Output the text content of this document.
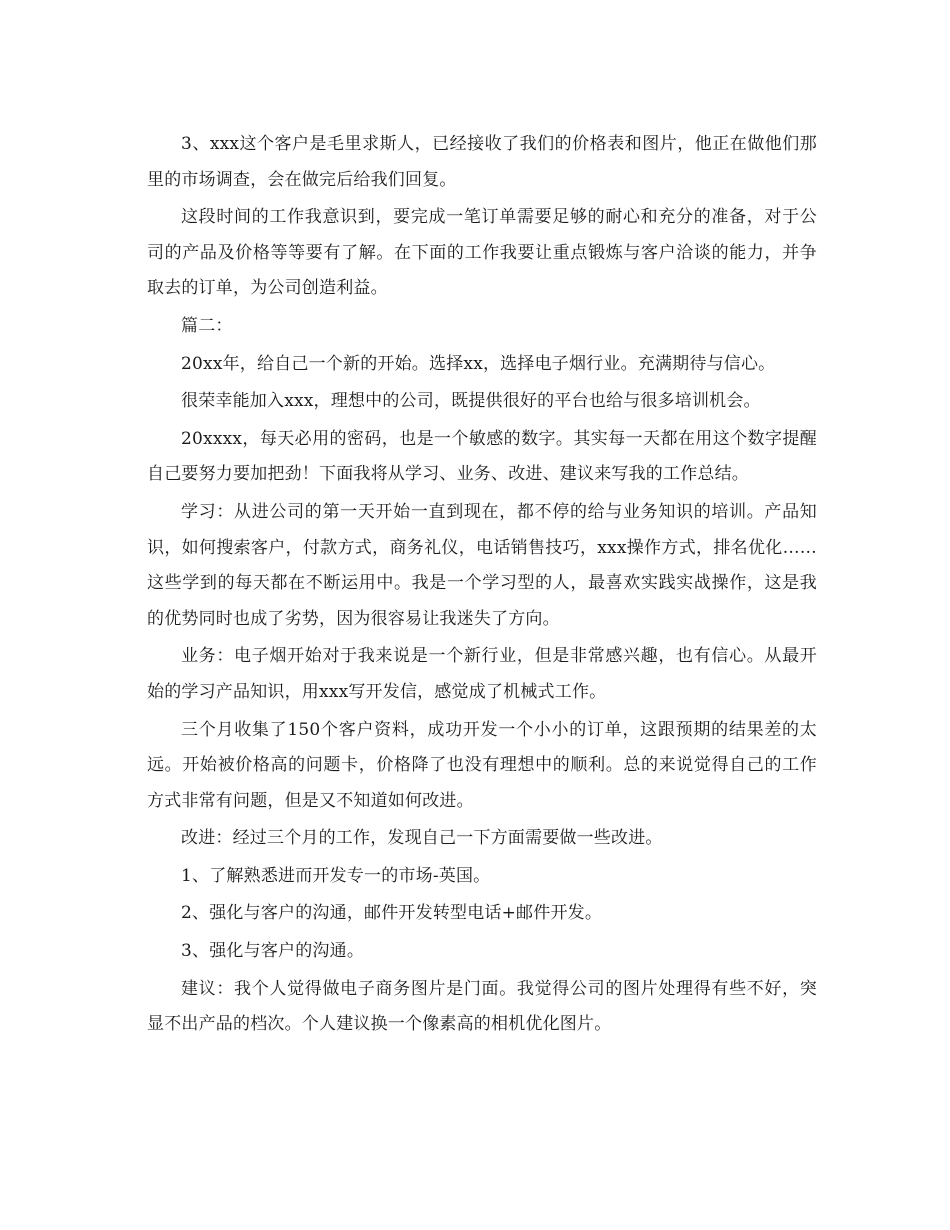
3、xxx这个客户是毛里求斯人，已经接收了我们的价格表和图片，他正在做他们那里的市场调查，会在做完后给我们回复。

这段时间的工作我意识到，要完成一笔订单需要足够的耐心和充分的准备，对于公司的产品及价格等等要有了解。在下面的工作我要让重点锻炼与客户洽谈的能力，并争取去的订单，为公司创造利益。

篇二：

20xx年，给自己一个新的开始。选择xx，选择电子烟行业。充满期待与信心。

很荣幸能加入xxx，理想中的公司，既提供很好的平台也给与很多培训机会。

20xxxx，每天必用的密码，也是一个敏感的数字。其实每一天都在用这个数字提醒自己要努力要加把劲！下面我将从学习、业务、改进、建议来写我的工作总结。

学习：从进公司的第一天开始一直到现在，都不停的给与业务知识的培训。产品知识，如何搜索客户，付款方式，商务礼仪，电话销售技巧，xxx操作方式，排名优化……这些学到的每天都在不断运用中。我是一个学习型的人，最喜欢实践实战操作，这是我的优势同时也成了劣势，因为很容易让我迷失了方向。

业务：电子烟开始对于我来说是一个新行业，但是非常感兴趣，也有信心。从最开始的学习产品知识，用xxx写开发信，感觉成了机械式工作。

三个月收集了150个客户资料，成功开发一个小小的订单，这跟预期的结果差的太远。开始被价格高的问题卡，价格降了也没有理想中的顺利。总的来说觉得自己的工作方式非常有问题，但是又不知道如何改进。

改进：经过三个月的工作，发现自己一下方面需要做一些改进。

1、了解熟悉进而开发专一的市场-英国。

2、强化与客户的沟通，邮件开发转型电话+邮件开发。

3、强化与客户的沟通。

建议：我个人觉得做电子商务图片是门面。我觉得公司的图片处理得有些不好，突显不出产品的档次。个人建议换一个像素高的相机优化图片。
